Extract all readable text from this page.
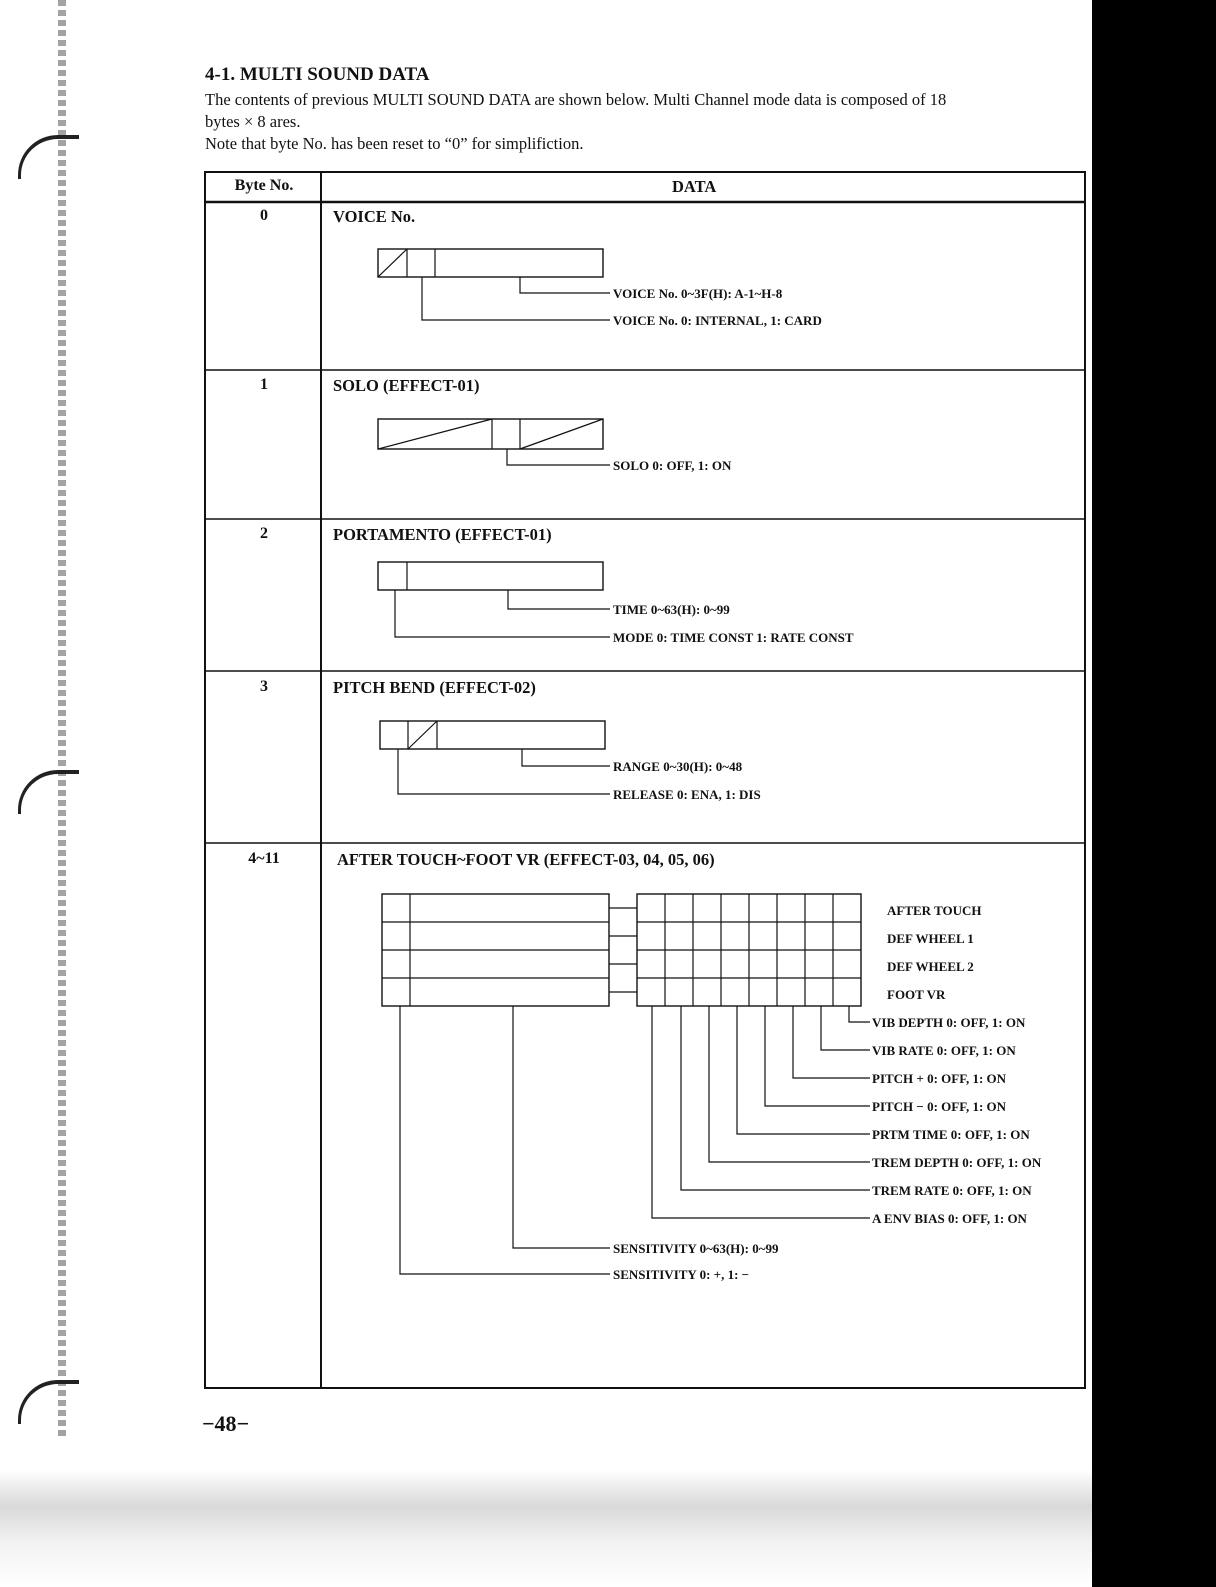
4-1. MULTI SOUND DATA
The contents of previous MULTI SOUND DATA are shown below. Multi Channel mode data is composed of 18
bytes × 8 ares.
Note that byte No. has been reset to “0” for simplifiction.
Byte No.	DATA
0	VOICE No.
VOICE No. 0~3F(H): A-1~H-8
VOICE No. 0: INTERNAL, 1: CARD
1	SOLO (EFFECT-01)
SOLO 0: OFF, 1: ON
2	PORTAMENTO (EFFECT-01)
TIME 0~63(H): 0~99
MODE 0: TIME CONST 1: RATE CONST
3	PITCH BEND (EFFECT-02)
RANGE 0~30(H): 0~48
RELEASE 0: ENA, 1: DIS
4~11	AFTER TOUCH~FOOT VR (EFFECT-03, 04, 05, 06)
AFTER TOUCH
DEF WHEEL 1
DEF WHEEL 2
FOOT VR
VIB DEPTH 0: OFF, 1: ON
VIB RATE 0: OFF, 1: ON
PITCH + 0: OFF, 1: ON
PITCH − 0: OFF, 1: ON
PRTM TIME 0: OFF, 1: ON
TREM DEPTH 0: OFF, 1: ON
TREM RATE 0: OFF, 1: ON
A ENV BIAS 0: OFF, 1: ON
SENSITIVITY 0~63(H): 0~99
SENSITIVITY 0: +, 1: −
−48−
